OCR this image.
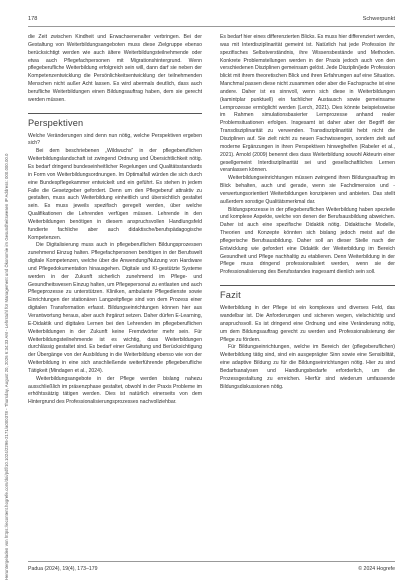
Heruntergeladen von https://econtent.hogrefe.com/doi/pdf/10.1024/2296-2171/a000378 - Thursday, August 20, 2026 6:34:33 AM - Lehrstuhl für Management und Ökonomie im Gesundheitswesen IP Address: 000.000.00.0
178	Schwerpunkt

die Zeit zwischen Kindheit und Erwachsenenalter verbringen. Bei der Gestaltung von Weiterbildungsangeboten muss diese Zielgruppe ebenso berücksichtigt werden wie auch ältere Weiterbildungsteilnehmende oder etwa auch Pflegefachpersonen mit Migrationshintergrund. Wenn pflegeberufliche Weiterbildung erfolgreich sein will, dann darf sie neben der Kompetenzentwicklung die Persönlichkeitsentwicklung der teilnehmenden Menschen nicht außer Acht lassen. Es wird abermals deutlich, dass auch berufliche Weiterbildungen einen Bildungsauftrag haben, dem sie gerecht werden müssen.

Perspektiven

Welche Veränderungen sind denn nun nötig, welche Perspektiven ergeben sich?

Bei dem beschriebenen „Wildwuchs“ in der pflegeberuflichen Weiterbildungslandschaft ist zwingend Ordnung und Übersichtlichkeit nötig. Es bedarf dringend bundeseinheitlicher Regelungen und Qualitätsstandards in Form von Weiterbildungsordnungen. Im Optimalfall würden die sich durch eine Bundespflegekammer entwickelt und ein geführt. Es stehen in jedem Falle die Gesetzgeber gefordert. Denn um den Pflegeberuf attraktiv zu gestalten, muss auch Weiterbildung einheitlich und übersichtlich gestaltet sein. Es muss jeweils spezifisch geregelt werden, über welche Qualifikationen die Lehrenden verfügen müssen. Lehrende in den Weiterbildungen benötigen in diesem anspruchsvollen Handlungsfeld fundierte fachliche aber auch didaktische/berufspädagogische Kompetenzen.

Die Digitalisierung muss auch in pflegeberuflichen Bildungsprozessen zunehmend Einzug halten. Pflegefachpersonen benötigen in der Berufswelt digitale Kompetenzen, welche über die Anwendung/Nutzung von Hardware und Pflegedokumentation hinausgehen. Digitale und KI-gestützte Systeme werden in der Zukunft sicherlich zunehmend im Pflege- und Gesundheitswesen Einzug halten, um Pflegepersonal zu entlasten und auch Pflegeprozesse zu unterstützen. Kliniken, ambulante Pflegedienste sowie Einrichtungen der stationären Langzeitpflege sind von dem Prozess einer digitalen Transformation erfasst. Bildungseinrichtungen können hier aus Verantwortung heraus, aber auch ihrgänzt setzen. Daher dürfen E-Learning, E-Didaktik und digitales Lernen bei den Lehrenden im pflegeberuflichen Weiterbildungen in der Zukunft keine Fremdwörter mehr sein. Für Weiterbildungsteilnehmende ist es wichtig, dass Weiterbildungen durchlässig gestaltet sind. Es bedarf einer Gestaltung und Berücksichtigung der Übergänge von der Ausbildung in die Weiterbildung ebenso wie von der Weiterbildung in eine sich anschließende weiterführende pflegeberufliche Tätigkeit (Mindagen et al., 2024).

Weiterbildungsangebote in der Pflege werden bislang nahezu ausschließlich im präsenzphase gestaltet, obwohl in der Praxis Probleme im erhöhtssätzig tätigen werden. Dies ist natürlich einerseits von dem Hintergrund des Professionalisierungsprozesses nachvollziehbar.

Es bedarf hier eines differenzierten Blicks. Es muss hier differenziert werden, was mit Interdisziplinarität gemeint ist. Natürlich hat jede Profession ihr spezifisches Selbstverständnis, ihre Wissensbestände und Methoden. Konkrete Problemstellungen werden in der Praxis jedoch auch von den verschiedenen Disziplinen gemeinsam gelöst. Jede Disziplin/jede Profession blickt mit ihrem theoretischen Blick und ihren Erfahrungen auf eine Situation. Manchmal passen diese nicht zusammen oder aber die Fachsprache ist eine andere. Daher ist es sinnvoll, wenn sich diese in Weiterbildungen (kamintplar punktuell) ein fachlicher Austausch sowie gemeinsame Lernprozesse ermöglicht werden (Lerch, 2021). Dies könnte beispielsweise im Rahmen simulationsbasierter Lernprozesse anhand realer Problemsituationen erfolgen. Insgesamt ist daher aber der Begriff der Transdisziplinarität zu verwenden. Transdisziplinarität hebt nicht die Disziplinen auf. Sie zielt nicht zu neuen Fachwissengen, sondern zielt auf moderne Ergänzungen in ihren Perspektiven hinweghelfen (Rabeler et al., 2021). Arnold (2009) benennt dies dass Weiterbildung sowohl Akteurin einer gesellgemeint Interdisziplinarität sei und gesellschaftliches Lernen veranlassen können.

Weiterbildungseinrichtungen müssen zwingend ihren Bildungsauftrag im Blick behalten, auch und gerade, wenn sie Fachdimension und -verwertungsorientiert Weiterbildungen konzipieren und anbieten. Das stellt außerdem sonstige Qualitätsmerkmal dar.

Bildungsprozesse in der pflegeberuflichen Weiterbildung haben spezielle und komplexe Aspekte, welche von denen der Berufsausbildung abweichen. Daher ist auch eine spezifische Didaktik nötig. Didaktische Modelle, Theorien und Konzepte könnten sich bislang jedoch meist auf die pflegerische Berufsausbildung. Daher soll an dieser Stelle nach der Entwicklung wie gefordert eine Didaktik der Weiterbildung im Bereich Gesundheit und Pflege nachhaltig zu etablieren. Denn Weiterbildung in der Pflege muss dringend professionalisiert werden, wenn sie der Professionalisierung des Berufsstandes insgesamt dienlich sein soll.

Fazit

Weiterbildung in der Pflege ist ein komplexes und diverses Feld, das wandelbar ist. Die Anforderungen und sicheren wegen, vielschichtig und anspruchsvoll. Es ist dringend eine Ordnung und eine Veränderung nötig, um dem Bildungsauftrag gerecht zu werden und Professionalisierung der Pflege zu fördern.

Für Bildungseinrichtungen, welche im Bereich der (pflegeberuflichen) Weiterbildung tätig sind, sind ein ausgeprägter Sinn sowie eine Sensibilität, eine adaptive Bildung zu für die Bildungseinrichtungen nötig. Hier zu sind Bedarfsanalysen und Handlungsbedarfe erforderlich, um die Prozessgestaltung zu erreichen. Hierfür sind wiederum umfassende Bildungsdiskussionen nötig.

Padua (2024), 19(4), 173–179	© 2024 Hogrefe
